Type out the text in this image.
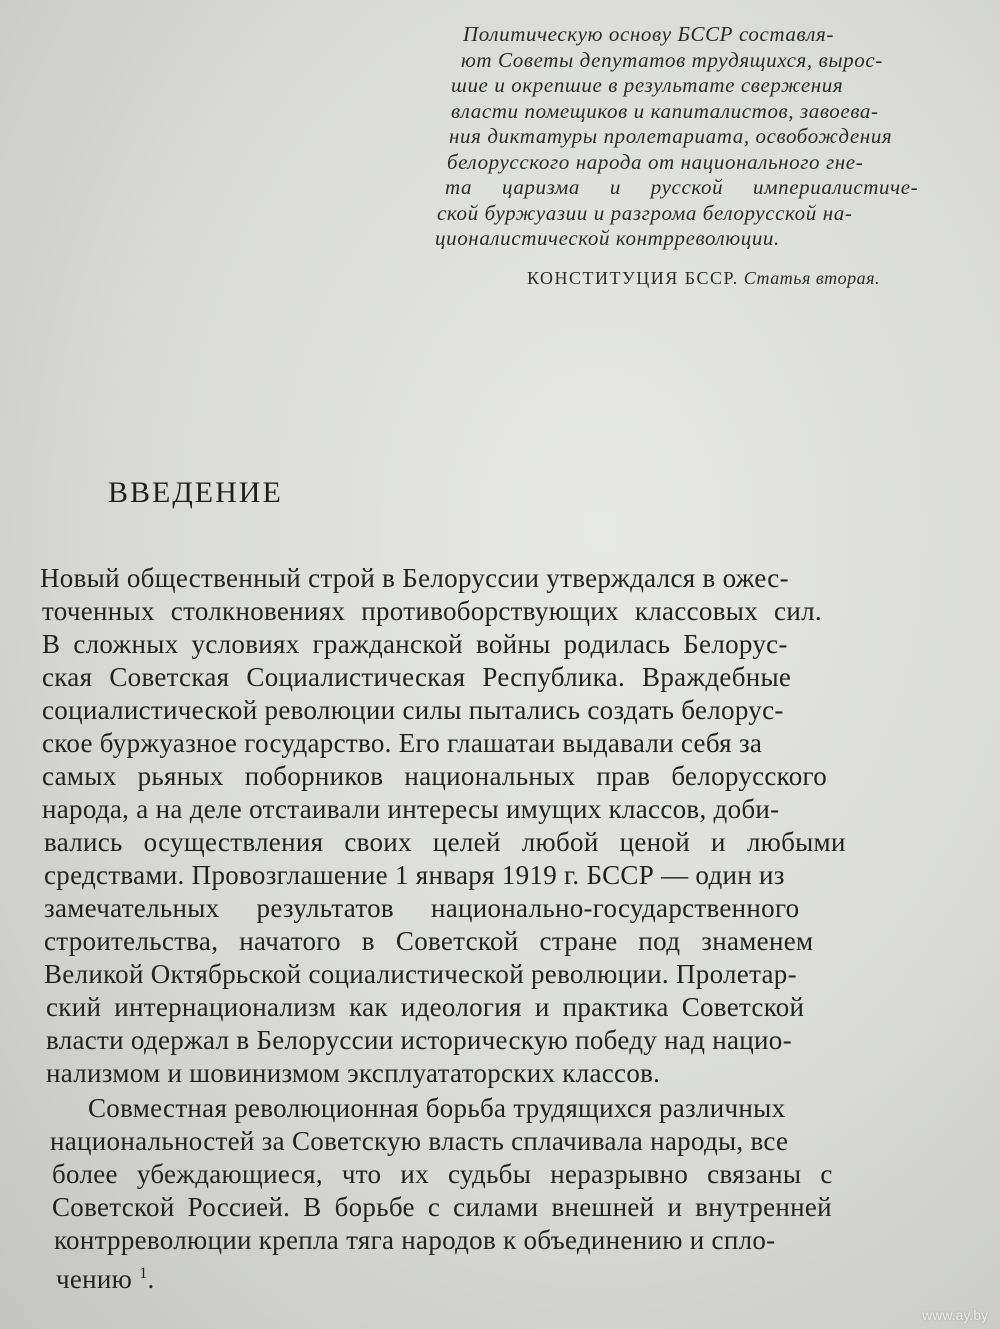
Политическую основу БССР составля-
ют Советы депутатов трудящихся, вырос-
шие и окрепшие в результате свержения
власти помещиков и капиталистов, завоева-
ния диктатуры пролетариата, освобождения
белорусского народа от национального гне-
та царизма и русской империалистиче-
ской буржуазии и разгрома белорусской на-
ционалистической контрреволюции.
КОНСТИТУЦИЯ БССР. Статья вторая.
ВВЕДЕНИЕ
Новый общественный строй в Белоруссии утверждался в ожес-
точенных столкновениях противоборствующих классовых сил.
В сложных условиях гражданской войны родилась Белорус-
ская Советская Социалистическая Республика. Враждебные
социалистической революции силы пытались создать белорус-
ское буржуазное государство. Его глашатаи выдавали себя за
самых рьяных поборников национальных прав белорусского
народа, а на деле отстаивали интересы имущих классов, доби-
вались осуществления своих целей любой ценой и любыми
средствами. Провозглашение 1 января 1919 г. БССР — один из
замечательных результатов национально-государственного
строительства, начатого в Советской стране под знаменем
Великой Октябрьской социалистической революции. Пролетар-
ский интернационализм как идеология и практика Советской
власти одержал в Белоруссии историческую победу над нацио-
нализмом и шовинизмом эксплуататорских классов.
Совместная революционная борьба трудящихся различных
национальностей за Советскую власть сплачивала народы, все
более убеждающиеся, что их судьбы неразрывно связаны с
Советской Россией. В борьбе с силами внешней и внутренней
контрреволюции крепла тяга народов к объединению и спло-
чению $^1$.
www.ay.by
